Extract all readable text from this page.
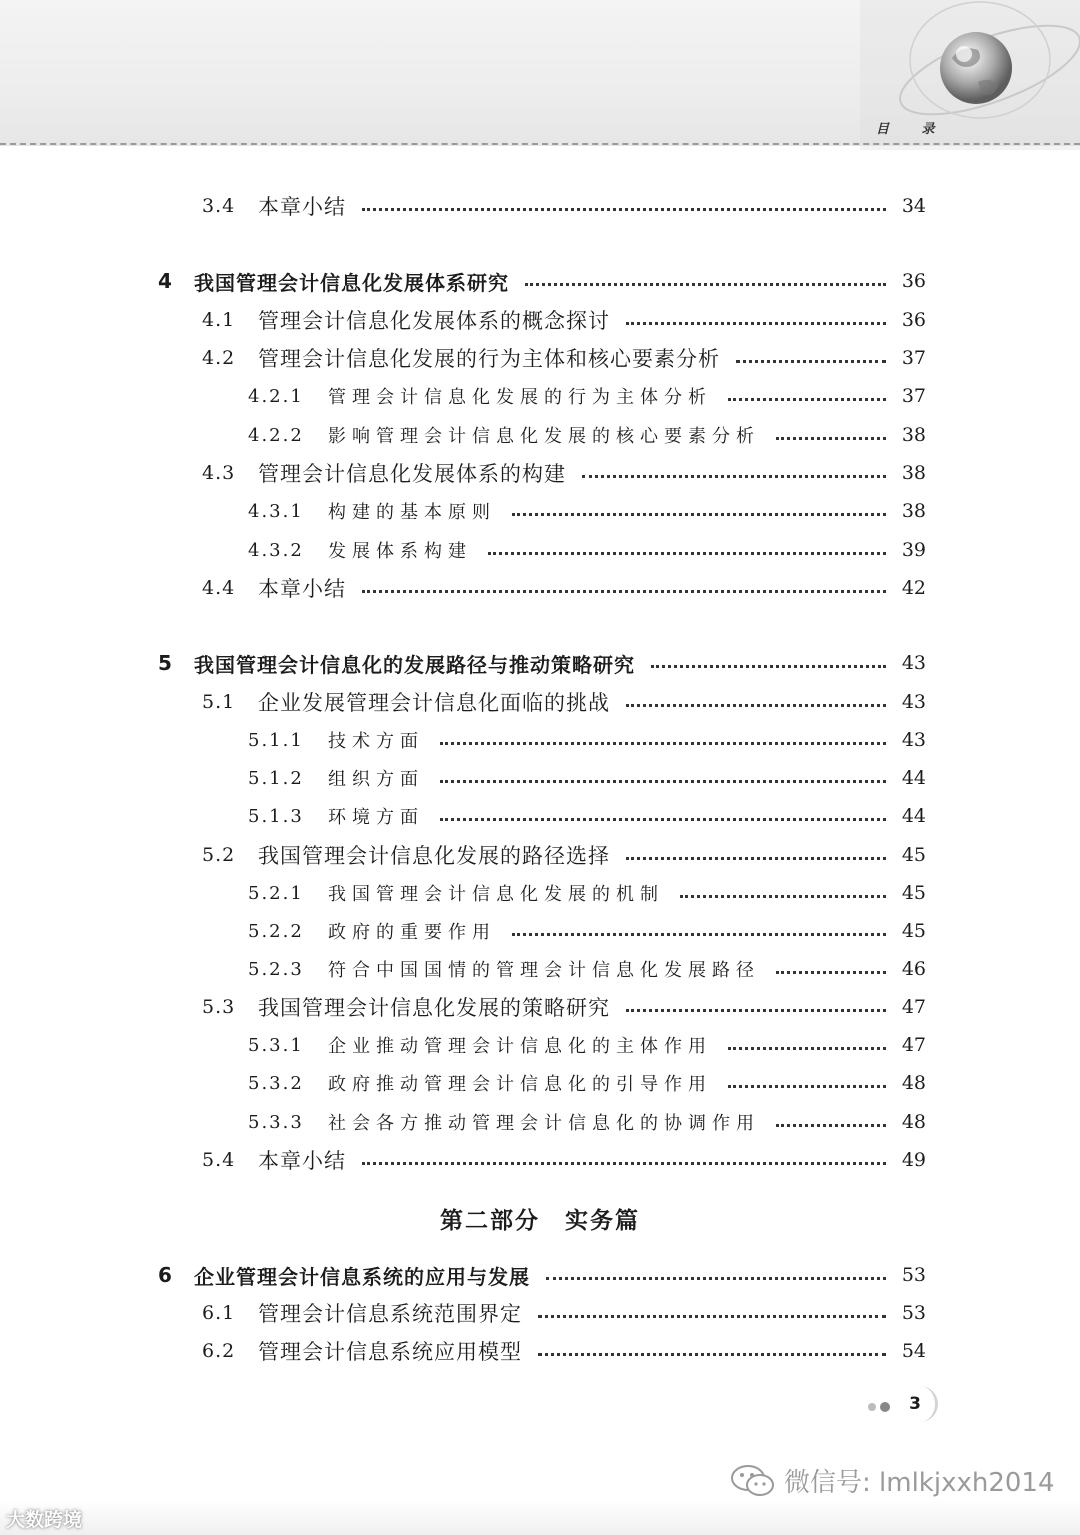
目 录
3.4	本章小结	34
4	我国管理会计信息化发展体系研究	36
4.1	管理会计信息化发展体系的概念探讨	36
4.2	管理会计信息化发展的行为主体和核心要素分析	37
4.2.1	管理会计信息化发展的行为主体分析	37
4.2.2	影响管理会计信息化发展的核心要素分析	38
4.3	管理会计信息化发展体系的构建	38
4.3.1	构建的基本原则	38
4.3.2	发展体系构建	39
4.4	本章小结	42
5	我国管理会计信息化的发展路径与推动策略研究	43
5.1	企业发展管理会计信息化面临的挑战	43
5.1.1	技术方面	43
5.1.2	组织方面	44
5.1.3	环境方面	44
5.2	我国管理会计信息化发展的路径选择	45
5.2.1	我国管理会计信息化发展的机制	45
5.2.2	政府的重要作用	45
5.2.3	符合中国国情的管理会计信息化发展路径	46
5.3	我国管理会计信息化发展的策略研究	47
5.3.1	企业推动管理会计信息化的主体作用	47
5.3.2	政府推动管理会计信息化的引导作用	48
5.3.3	社会各方推动管理会计信息化的协调作用	48
5.4	本章小结	49
6	企业管理会计信息系统的应用与发展	53
6.1	管理会计信息系统范围界定	53
6.2	管理会计信息系统应用模型	54
第二部分　实务篇
3
微信号: lmlkjxxh2014
大数跨境
